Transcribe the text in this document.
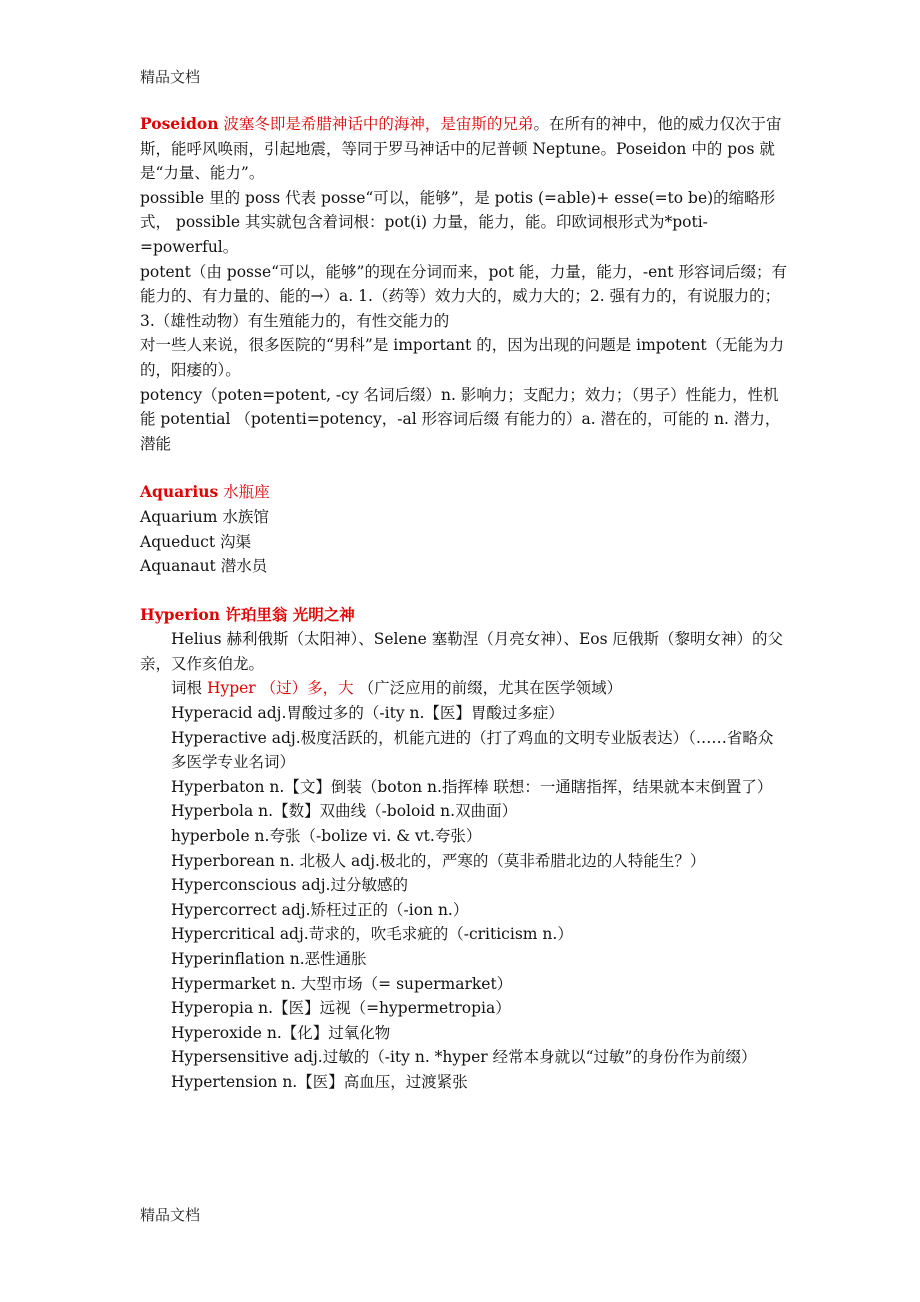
精品文档

Poseidon 波塞冬即是希腊神话中的海神，是宙斯的兄弟。在所有的神中，他的威力仅次于宙斯，能呼风唤雨，引起地震，等同于罗马神话中的尼普顿 Neptune。Poseidon 中的 pos 就是“力量、能力”。

possible 里的 poss 代表 posse“可以，能够”，是 potis (=able)+ esse(=to be)的缩略形式， possible 其实就包含着词根：pot(i) 力量，能力，能。印欧词根形式为*poti-=powerful。

potent（由 posse“可以，能够”的现在分词而来，pot 能，力量，能力，-ent 形容词后缀；有能力的、有力量的、能的→）a. 1.（药等）效力大的，威力大的；2. 强有力的，有说服力的；3.（雄性动物）有生殖能力的，有性交能力的

对一些人来说，很多医院的“男科”是 important 的，因为出现的问题是 impotent（无能为力的，阳痿的）。

potency（poten=potent, -cy 名词后缀）n. 影响力；支配力；效力；（男子）性能力，性机能 potential （potenti=potency，-al 形容词后缀 有能力的）a. 潜在的，可能的 n. 潜力，潜能

Aquarius 水瓶座

Aquarium 水族馆

Aqueduct 沟渠

Aquanaut 潜水员

Hyperion 许珀里翁 光明之神

Helius 赫利俄斯（太阳神）、Selene 塞勒涅（月亮女神）、Eos 厄俄斯（黎明女神）的父亲，又作亥伯龙。

词根 Hyper （过）多，大 （广泛应用的前缀，尤其在医学领域）

Hyperacid adj.胃酸过多的（-ity n.【医】胃酸过多症）

Hyperactive adj.极度活跃的，机能亢进的（打了鸡血的文明专业版表达）（……省略众多医学专业名词）

Hyperbaton n.【文】倒装（boton n.指挥棒 联想：一通瞎指挥，结果就本末倒置了）

Hyperbola n.【数】双曲线（-boloid n.双曲面）

hyperbole n.夸张（-bolize vi. & vt.夸张）

Hyperborean n. 北极人 adj.极北的，严寒的（莫非希腊北边的人特能生？）

Hyperconscious adj.过分敏感的

Hypercorrect adj.矫枉过正的（-ion n.）

Hypercritical adj.苛求的，吹毛求疵的（-criticism n.）

Hyperinflation n.恶性通胀

Hypermarket n. 大型市场（= supermarket）

Hyperopia n.【医】远视（=hypermetropia）

Hyperoxide n.【化】过氧化物

Hypersensitive adj.过敏的（-ity n. *hyper 经常本身就以“过敏”的身份作为前缀）Hypertension n.【医】高血压，过渡紧张

精品文档
